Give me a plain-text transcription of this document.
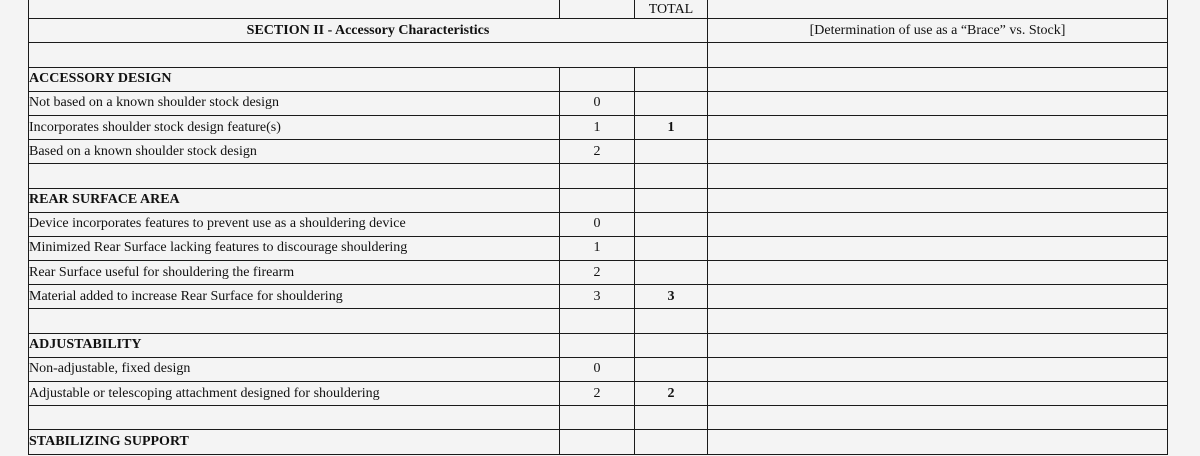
		TOTAL	
SECTION II - Accessory Characteristics			[Determination of use as a “Brace” vs. Stock]

ACCESSORY DESIGN			
Not based on a known shoulder stock design	0		
Incorporates shoulder stock design feature(s)	1	1	
Based on a known shoulder stock design	2		

REAR SURFACE AREA			
Device incorporates features to prevent use as a shouldering device	0		
Minimized Rear Surface lacking features to discourage shouldering	1		
Rear Surface useful for shouldering the firearm	2		
Material added to increase Rear Surface for shouldering	3	3	

ADJUSTABILITY			
Non-adjustable, fixed design	0		
Adjustable or telescoping attachment designed for shouldering	2	2	

STABILIZING SUPPORT			
